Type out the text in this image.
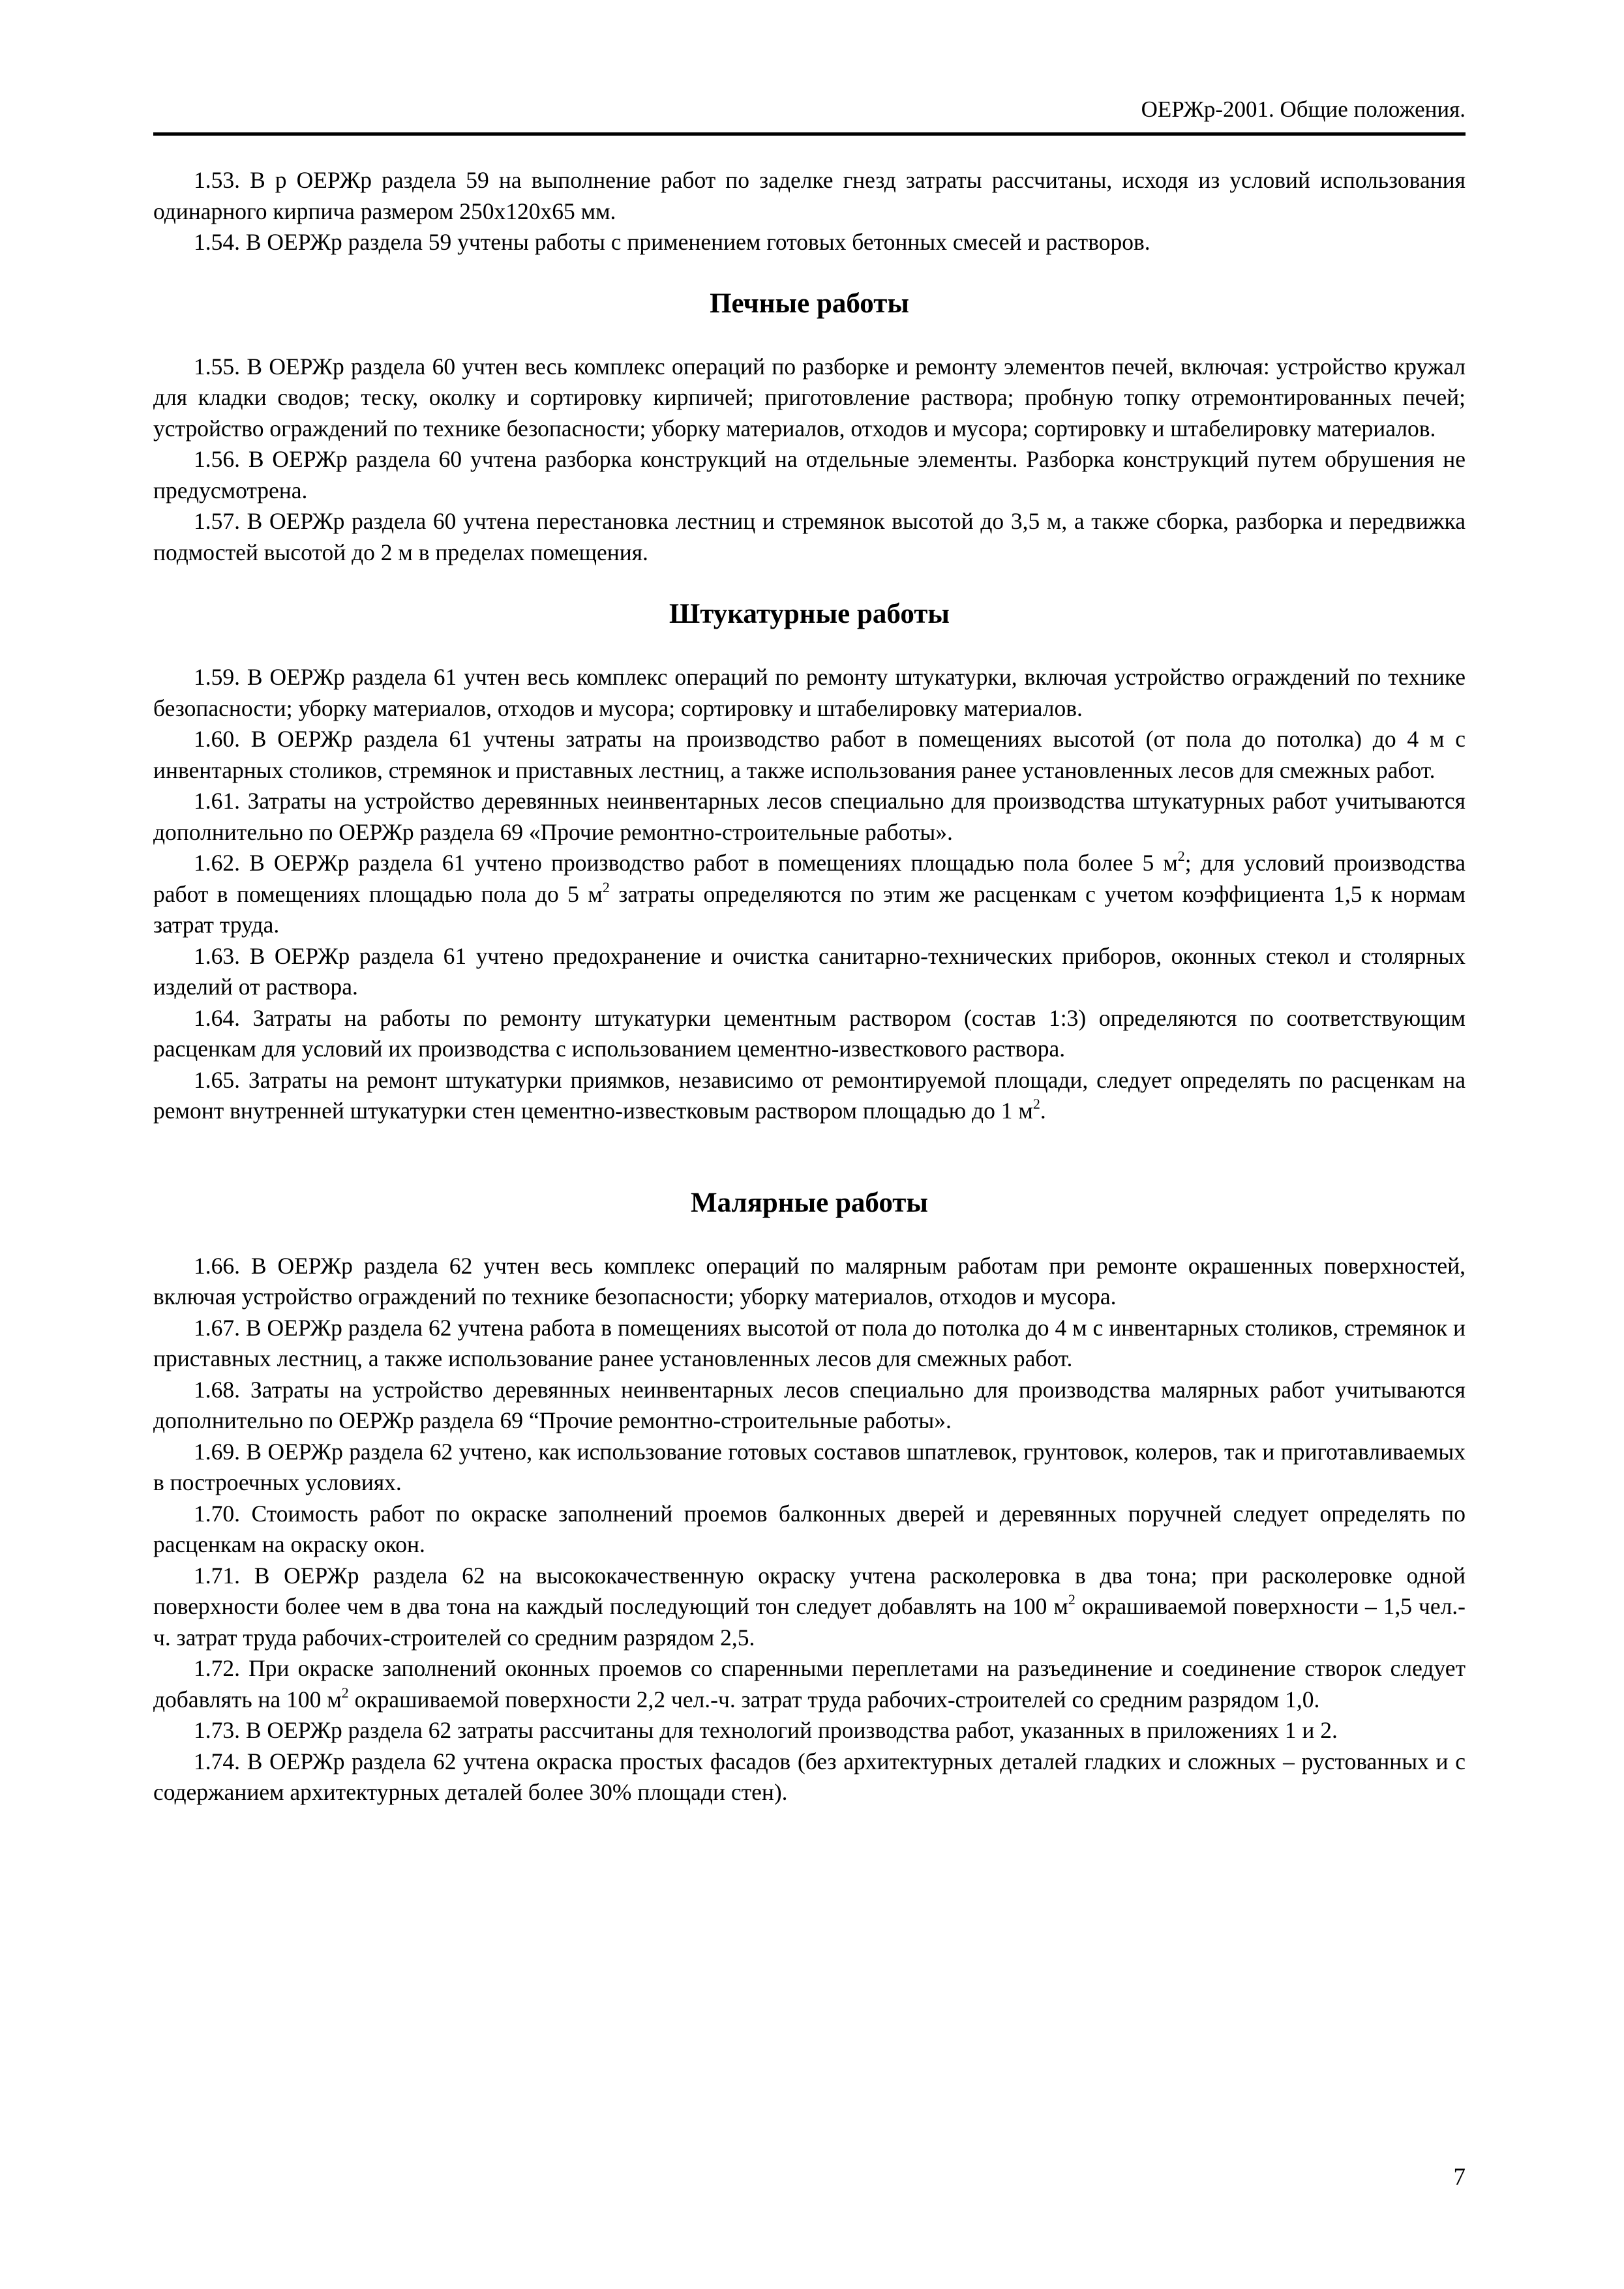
ОЕРЖр-2001. Общие положения.

1.53. В р ОЕРЖр раздела 59 на выполнение работ по заделке гнезд затраты рассчитаны, исходя из условий использования одинарного кирпича размером 250х120х65 мм.

1.54. В ОЕРЖр раздела 59 учтены работы с применением готовых бетонных смесей и растворов.

Печные работы

1.55. В ОЕРЖр раздела 60 учтен весь комплекс операций по разборке и ремонту элементов печей, включая: устройство кружал для кладки сводов; теску, околку и сортировку кирпичей; приготовление раствора; пробную топку отремонтированных печей; устройство ограждений по технике безопасности; уборку материалов, отходов и мусора; сортировку и штабелировку материалов.

1.56. В ОЕРЖр раздела 60 учтена разборка конструкций на отдельные элементы. Разборка конструкций путем обрушения не предусмотрена.

1.57. В ОЕРЖр раздела 60 учтена перестановка лестниц и стремянок высотой до 3,5 м, а также сборка, разборка и передвижка подмостей высотой до 2 м в пределах помещения.

Штукатурные работы

1.59. В ОЕРЖр раздела 61 учтен весь комплекс операций по ремонту штукатурки, включая устройство ограждений по технике безопасности; уборку материалов, отходов и мусора; сортировку и штабелировку материалов.

1.60. В ОЕРЖр раздела 61 учтены затраты на производство работ в помещениях высотой (от пола до потолка) до 4 м с инвентарных столиков, стремянок и приставных лестниц, а также использования ранее установленных лесов для смежных работ.

1.61. Затраты на устройство деревянных неинвентарных лесов специально для производства штукатурных работ учитываются дополнительно по ОЕРЖр раздела 69 «Прочие ремонтно-строительные работы».

1.62. В ОЕРЖр раздела 61 учтено производство работ в помещениях площадью пола более 5 $м^2$; для условий производства работ в помещениях площадью пола до 5 $м^2$ затраты определяются по этим же расценкам с учетом коэффициента 1,5 к нормам затрат труда.

1.63. В ОЕРЖр раздела 61 учтено предохранение и очистка санитарно-технических приборов, оконных стекол и столярных изделий от раствора.

1.64. Затраты на работы по ремонту штукатурки цементным раствором (состав 1:3) определяются по соответствующим расценкам для условий их производства с использованием цементно-известкового раствора.

1.65. Затраты на ремонт штукатурки приямков, независимо от ремонтируемой площади, следует определять по расценкам на ремонт внутренней штукатурки стен цементно-известковым раствором площадью до 1 $м^2$.

Малярные работы

1.66. В ОЕРЖр раздела 62 учтен весь комплекс операций по малярным работам при ремонте окрашенных поверхностей, включая устройство ограждений по технике безопасности; уборку материалов, отходов и мусора.

1.67. В ОЕРЖр раздела 62 учтена работа в помещениях высотой от пола до потолка до 4 м с инвентарных столиков, стремянок и приставных лестниц, а также использование ранее установленных лесов для смежных работ.

1.68. Затраты на устройство деревянных неинвентарных лесов специально для производства малярных работ учитываются дополнительно по ОЕРЖр раздела 69 “Прочие ремонтно-строительные работы».

1.69. В ОЕРЖр раздела 62 учтено, как использование готовых составов шпатлевок, грунтовок, колеров, так и приготавливаемых в построечных условиях.

1.70. Стоимость работ по окраске заполнений проемов балконных дверей и деревянных поручней следует определять по расценкам на окраску окон.

1.71. В ОЕРЖр раздела 62 на высококачественную окраску учтена расколеровка в два тона; при расколеровке одной поверхности более чем в два тона на каждый последующий тон следует добавлять на 100 $м^2$ окрашиваемой поверхности – 1,5 чел.-ч. затрат труда рабочих-строителей со средним разрядом 2,5.

1.72. При окраске заполнений оконных проемов со спаренными переплетами на разъединение и соединение створок следует добавлять на 100 $м^2$ окрашиваемой поверхности 2,2 чел.-ч. затрат труда рабочих-строителей со средним разрядом 1,0.

1.73. В ОЕРЖр раздела 62 затраты рассчитаны для технологий производства работ, указанных в приложениях 1 и 2.

1.74. В ОЕРЖр раздела 62 учтена окраска простых фасадов (без архитектурных деталей гладких и сложных – рустованных и с содержанием архитектурных деталей более 30% площади стен).

7
